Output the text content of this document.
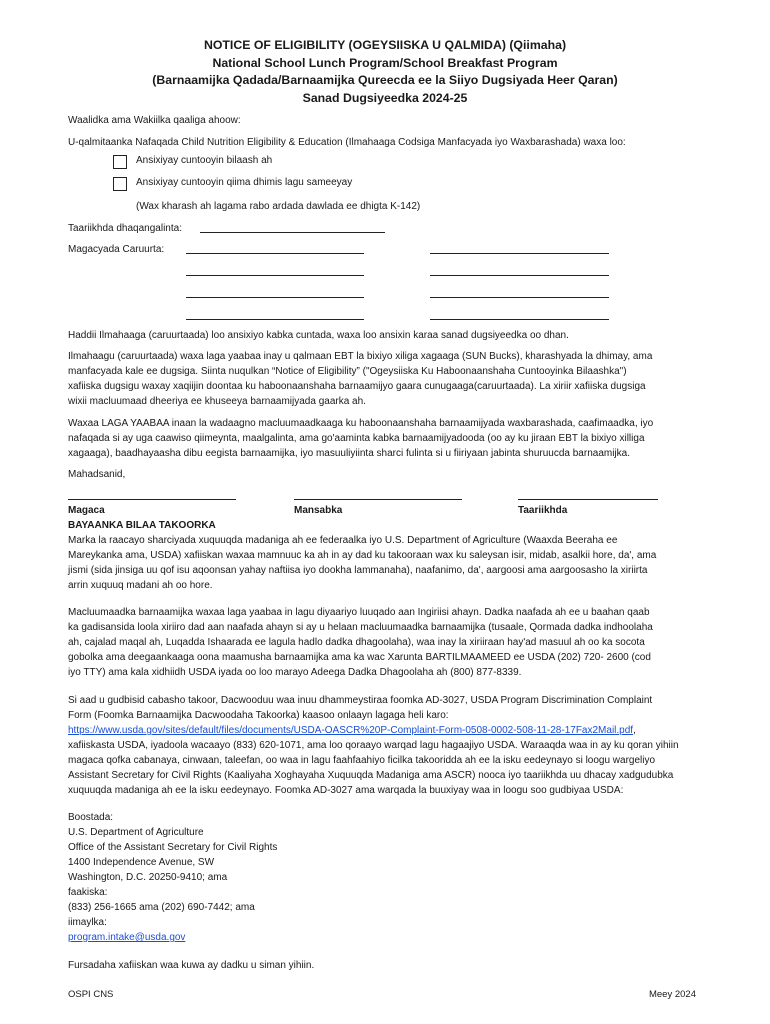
NOTICE OF ELIGIBILITY (OGEYSIISKA U QALMIDA) (Qiimaha)
National School Lunch Program/School Breakfast Program
(Barnaamijka Qadada/Barnaamijka Qureecda ee la Siiyo Dugsiyada Heer Qaran)
Sanad Dugsiyeedka 2024-25
Waalidka ama Wakiilka qaaliga ahoow:
U-qalmitaanka Nafaqada Child Nutrition Eligibility & Education (Ilmahaaga Codsiga Manfacyada iyo Waxbarashada) waxa loo:
Ansixiyay cuntooyin bilaash ah
Ansixiyay cuntooyin qiima dhimis lagu sameeyay
(Wax kharash ah lagama rabo ardada dawlada ee dhigta K-142)
Taariikhda dhaqangalinta:
Magacyada Caruurta:
Haddii Ilmahaaga (caruurtaada) loo ansixiyo kabka cuntada, waxa loo ansixin karaa sanad dugsiyeedka oo dhan.
Ilmahaagu (caruurtaada) waxa laga yaabaa inay u qalmaan EBT la bixiyo xiliga xagaaga (SUN Bucks), kharashyada la dhimay, ama
manfacyada kale ee dugsiga. Siinta nuqulkan “Notice of Eligibility” ("Ogeysiiska Ku Haboonaanshaha Cuntooyinka Bilaashka")
xafiiska dugsigu waxay xaqiijin doontaa ku haboonaanshaha barnaamijyo gaara cunugaaga(caruurtaada). La xiriir xafiiska dugsiga
wixii macluumaad dheeriya ee khuseeya barnaamijyada gaarka ah.
Waxaa LAGA YAABAA inaan la wadaagno macluumaadkaaga ku haboonaanshaha barnaamijyada waxbarashada, caafimaadka, iyo
nafaqada si ay uga caawiso qiimeynta, maalgalinta, ama go'aaminta kabka barnaamijyadooda (oo ay ku jiraan EBT la bixiyo xilliga
xagaaga), baadhayaasha dibu eegista barnaamijka, iyo masuuliyiinta sharci fulinta si u fiiriyaan jabinta shuruucda barnaamijka.
Mahadsanid,
Magaca	Mansabka	Taariikhda
BAYAANKA BILAA TAKOORKA
Marka la raacayo sharciyada xuquuqda madaniga ah ee federaalka iyo U.S. Department of Agriculture (Waaxda Beeraha ee
Mareykanka ama, USDA) xafiiskan waxaa mamnuuc ka ah in ay dad ku takooraan wax ku saleysan isir, midab, asalkii hore, da', ama
jismi (sida jinsiga uu qof isu aqoonsan yahay naftiisa iyo dookha lammanaha), naafanimo, da', aargoosi ama aargoosasho la xiriirta
arrin xuquuq madani ah oo hore.
Macluumaadka barnaamijka waxaa laga yaabaa in lagu diyaariyo luuqado aan Ingiriisi ahayn. Dadka naafada ah ee u baahan qaab
ka gadisansida loola xiriiro dad aan naafada ahayn si ay u helaan macluumaadka barnaamijka (tusaale, Qormada dadka indhoolaha
ah, cajalad maqal ah, Luqadda Ishaarada ee lagula hadlo dadka dhagoolaha), waa inay la xiriiraan hay'ad masuul ah oo ka socota
gobolka ama deegaankaaga oona maamusha barnaamijka ama ka wac Xarunta BARTILMAAMEED ee USDA (202) 720- 2600 (cod
iyo TTY) ama kala xidhiidh USDA iyada oo loo marayo Adeega Dadka Dhagoolaha ah (800) 877-8339.
Si aad u gudbisid cabasho takoor, Dacwooduu waa inuu dhammeystiraa foomka AD-3027, USDA Program Discrimination Complaint
Form (Foomka Barnaamijka Dacwoodaha Takoorka) kaasoo onlaayn lagaga heli karo:
https://www.usda.gov/sites/default/files/documents/USDA-OASCR%20P-Complaint-Form-0508-0002-508-11-28-17Fax2Mail.pdf,
xafiiskasta USDA, iyadoola wacaayo (833) 620-1071, ama loo qoraayo warqad lagu hagaajiyo USDA. Waraaqda waa in ay ku qoran yihiin
magaca qofka cabanaya, cinwaan, taleefan, oo waa in lagu faahfaahiyo ficilka takooridda ah ee la isku eedeynayo si loogu wargeliyo
Assistant Secretary for Civil Rights (Kaaliyaha Xoghayaha Xuquuqda Madaniga ama ASCR) nooca iyo taariikhda uu dhacay xadgudubka
xuquuqda madaniga ah ee la isku eedeynayo. Foomka AD-3027 ama warqada la buuxiyay waa in loogu soo gudbiyaa USDA:
Boostada:
U.S. Department of Agriculture
Office of the Assistant Secretary for Civil Rights
1400 Independence Avenue, SW
Washington, D.C. 20250-9410; ama
faakiska:
(833) 256-1665 ama (202) 690-7442; ama
iimaylka:
program.intake@usda.gov
Fursadaha xafiiskan waa kuwa ay dadku u siman yihiin.
OSPI CNS	Meey 2024
